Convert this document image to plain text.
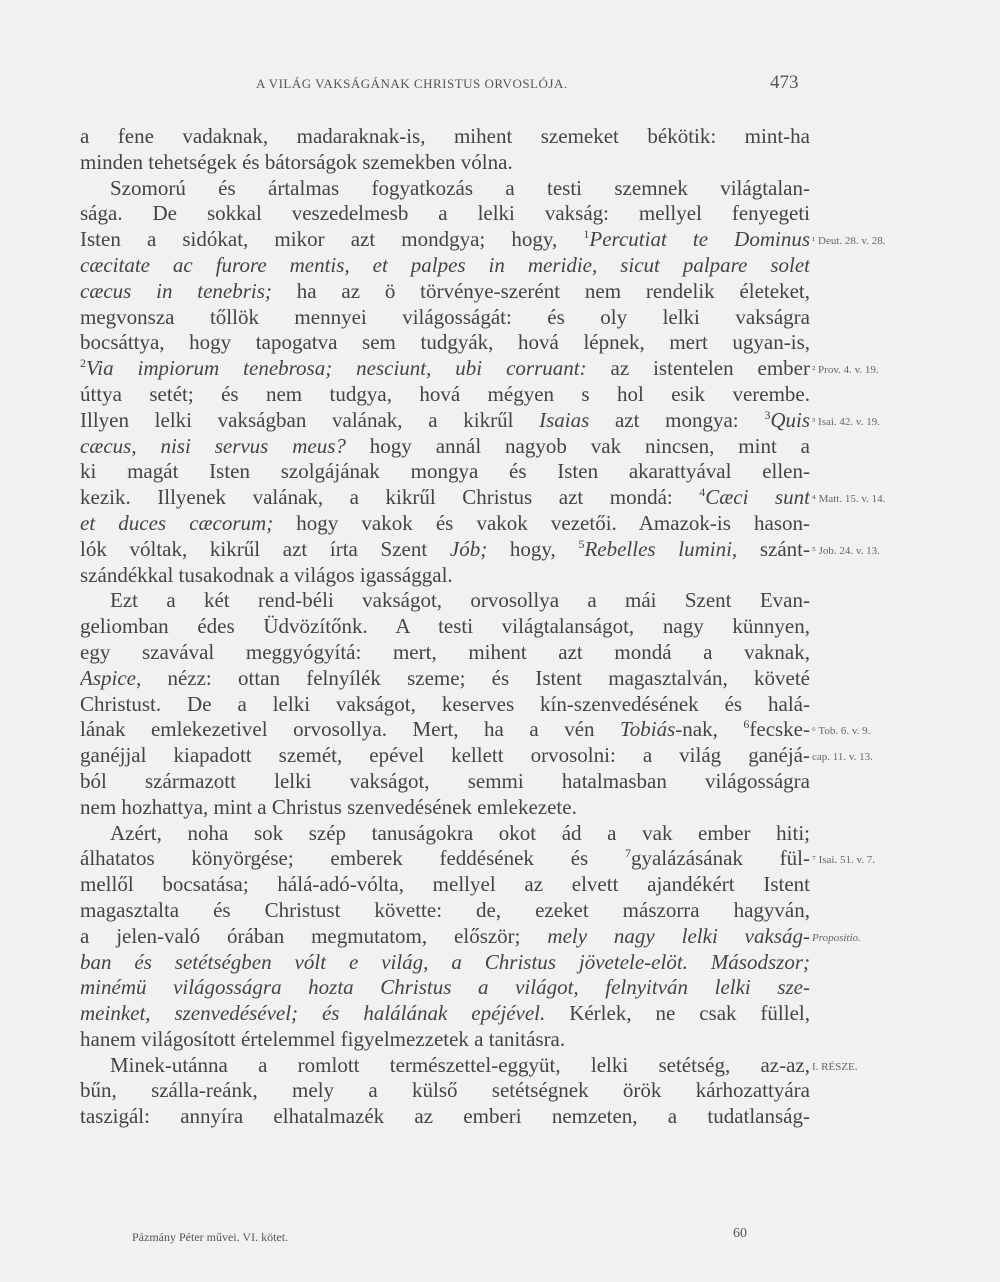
A VILÁG VAKSÁGÁNAK CHRISTUS ORVOSLÓJA.	473
a fene vadaknak, madaraknak-is, mihent szemeket békötik: mint-ha
minden tehetségek és bátorságok szemekben vólna.
Szomorú és ártalmas fogyatkozás a testi szemnek világtalan-
sága. De sokkal veszedelmesb a lelki vakság: mellyel fenyegeti
Isten a sidókat, mikor azt mondgya; hogy, $^1$Percutiat te Dominus
cæcitate ac furore mentis, et palpes in meridie, sicut palpare solet
cæcus in tenebris; ha az ö törvénye-szerént nem rendelik életeket,
megvonsza tőllök mennyei világosságát: és oly lelki vakságra
bocsáttya, hogy tapogatva sem tudgyák, hová lépnek, mert ugyan-is,
$^2$Via impiorum tenebrosa; nesciunt, ubi corruant: az istentelen ember
úttya setét; és nem tudgya, hová mégyen s hol esik verembe.
Illyen lelki vakságban valának, a kikrűl Isaias azt mongya: $^3$Quis
cæcus, nisi servus meus? hogy annál nagyob vak nincsen, mint a
ki magát Isten szolgájának mongya és Isten akarattyával ellen-
kezik. Illyenek valának, a kikrűl Christus azt mondá: $^4$Cæci sunt
et duces cæcorum; hogy vakok és vakok vezetői. Amazok-is hason-
lók vóltak, kikrűl azt írta Szent Jób; hogy, $^5$Rebelles lumini, szánt-
szándékkal tusakodnak a világos igassággal.
Ezt a két rend-béli vakságot, orvosollya a mái Szent Evan-
geliomban édes Üdvözítőnk. A testi világtalanságot, nagy künnyen,
egy szavával meggyógyítá: mert, mihent azt mondá a vaknak,
Aspice, nézz: ottan felnyílék szeme; és Istent magasztalván, követé
Christust. De a lelki vakságot, keserves kín-szenvedésének és halá-
lának emlekezetivel orvosollya. Mert, ha a vén Tobiás-nak, $^6$fecske-
ganéjjal kiapadott szemét, epével kellett orvosolni: a világ ganéjá-
ból származott lelki vakságot, semmi hatalmasban világosságra
nem hozhattya, mint a Christus szenvedésének emlekezete.
Azért, noha sok szép tanuságokra okot ád a vak ember hiti;
álhatatos könyörgése; emberek feddésének és $^7$gyalázásának fül-
mellől bocsatása; hálá-adó-vólta, mellyel az elvett ajandékért Istent
magasztalta és Christust követte: de, ezeket mászorra hagyván,
a jelen-való órában megmutatom, először; mely nagy lelki vakság-
ban és setétségben vólt e világ, a Christus jövetele-elöt. Másodszor;
minémü világosságra hozta Christus a világot, felnyitván lelki sze-
meinket, szenvedésével; és halálának epéjével. Kérlek, ne csak füllel,
hanem világosított értelemmel figyelmezzetek a tanitásra.
Minek-utánna a romlott természettel-eggyüt, lelki setétség, az-az,
bűn, szálla-reánk, mely a külső setétségnek örök kárhozattyára
taszigál: annyíra elhatalmazék az emberi nemzeten, a tudatlanság-
¹ Deut. 28. v. 28.
² Prov. 4. v. 19.
³ Isai. 42. v. 19.
⁴ Matt. 15. v. 14.
⁵ Job. 24. v. 13.
⁶ Tob. 6. v. 9.
cap. 11. v. 13.
⁷ Isai. 51. v. 7.
Propositio.
I. RÉSZE.
Pázmány Péter művei. VI. kötet.	60
